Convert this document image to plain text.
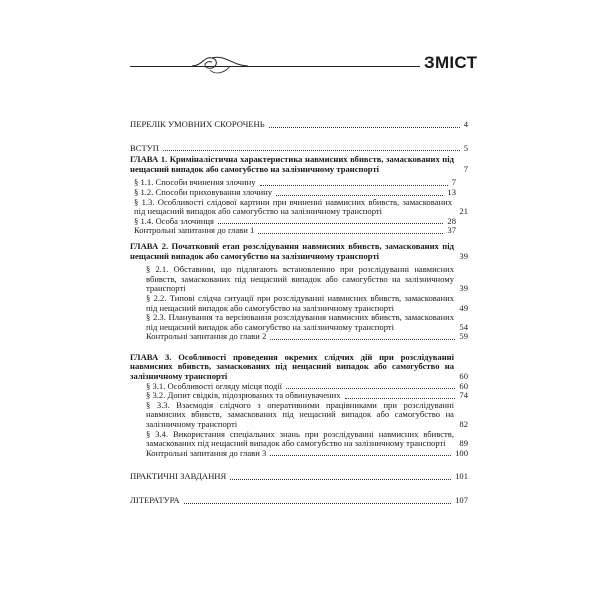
ЗМІСТ
ПЕРЕЛІК УМОВНИХ СКОРОЧЕНЬ	4
ВСТУП	5
ГЛАВА 1. Криміналістична характеристика навмисних вбивств, замаскованих під нещасний випадок або самогубство на залізничному транспорті	7
§ 1.1. Способи вчинення злочину	7
§ 1.2. Способи приховування злочину	13
§ 1.3. Особливості слідової картини при вчиненні навмисних вбивств, замаскованих під нещасний випадок або самогубство на залізничному транспорті	21
§ 1.4. Особа злочинця	28
Контрольні запитання до глави 1	37
ГЛАВА 2. Початковий етап розслідування навмисних вбивств, замаскованих під нещасний випадок або самогубство на залізничному транспорті	39
§ 2.1. Обставини, що підлягають встановленню при розслідуванні навмисних вбивств, замаскованих під нещасний випадок або самогубство на залізничному транспорті	39
§ 2.2. Типові слідча ситуації при розслідуванні навмисних вбивств, замаскованих під нещасний випадок або самогубство на залізничному транспорті	49
§ 2.3. Планування та версіювання розслідування навмисних вбивств, замаскованих під нещасний випадок або самогубство на залізничному транспорті	54
Контрольні запитання до глави 2	59
ГЛАВА 3. Особливості проведення окремих слідчих дій при розслідуванні навмисних вбивств, замаскованих під нещасний випадок або самогубство на залізничному транспорті	60
§ 3.1. Особливості огляду місця події	60
§ 3.2. Допит свідків, підозрюваних та обвинувачених	74
§ 3.3. Взаємодія слідчого з оперативними працівниками при розслідуванні навмисних вбивств, замаскованих під нещасний випадок або самогубство на залізничному транспорті	82
§ 3.4. Використання спеціальних знань при розслідуванні навмисних вбивств, замаскованих під нещасний випадок або самогубство на залізничному транспорті 89
Контрольні запитання до глави 3	100
ПРАКТИЧНІ ЗАВДАННЯ	101
ЛІТЕРАТУРА	107
